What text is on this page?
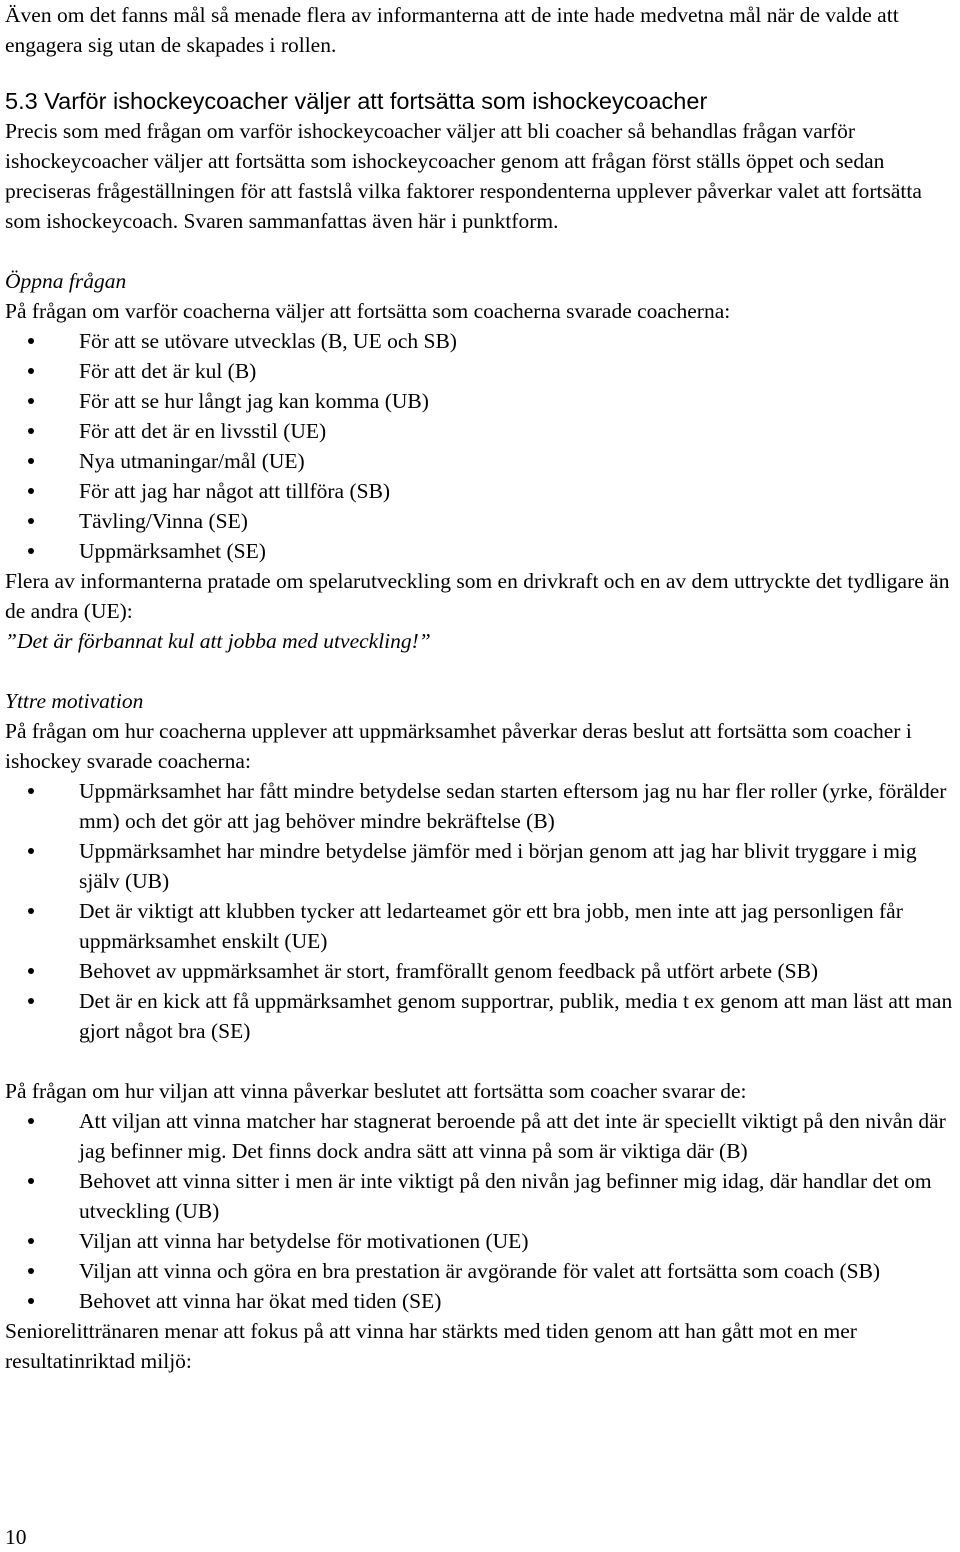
Även om det fanns mål så menade flera av informanterna att de inte hade medvetna mål när de valde att engagera sig utan de skapades i rollen.

5.3 Varför ishockeycoacher väljer att fortsätta som ishockeycoacher

Precis som med frågan om varför ishockeycoacher väljer att bli coacher så behandlas frågan varför ishockeycoacher väljer att fortsätta som ishockeycoacher genom att frågan först ställs öppet och sedan preciseras frågeställningen för att fastslå vilka faktorer respondenterna upplever påverkar valet att fortsätta som ishockeycoach. Svaren sammanfattas även här i punktform.

Öppna frågan

På frågan om varför coacherna väljer att fortsätta som coacherna svarade coacherna:

För att se utövare utvecklas (B, UE och SB)
För att det är kul (B)
För att se hur långt jag kan komma (UB)
För att det är en livsstil (UE)
Nya utmaningar/mål (UE)
För att jag har något att tillföra (SB)
Tävling/Vinna (SE)
Uppmärksamhet (SE)

Flera av informanterna pratade om spelarutveckling som en drivkraft och en av dem uttryckte det tydligare än de andra (UE):

”Det är förbannat kul att jobba med utveckling!”

Yttre motivation

På frågan om hur coacherna upplever att uppmärksamhet påverkar deras beslut att fortsätta som coacher i ishockey svarade coacherna:

Uppmärksamhet har fått mindre betydelse sedan starten eftersom jag nu har fler roller (yrke, förälder mm) och det gör att jag behöver mindre bekräftelse (B)
Uppmärksamhet har mindre betydelse jämför med i början genom att jag har blivit tryggare i mig själv (UB)
Det är viktigt att klubben tycker att ledarteamet gör ett bra jobb, men inte att jag personligen får uppmärksamhet enskilt (UE)
Behovet av uppmärksamhet är stort, framförallt genom feedback på utfört arbete (SB)
Det är en kick att få uppmärksamhet genom supportrar, publik, media t ex genom att man läst att man gjort något bra (SE)

På frågan om hur viljan att vinna påverkar beslutet att fortsätta som coacher svarar de:

Att viljan att vinna matcher har stagnerat beroende på att det inte är speciellt viktigt på den nivån där jag befinner mig. Det finns dock andra sätt att vinna på som är viktiga där (B)
Behovet att vinna sitter i men är inte viktigt på den nivån jag befinner mig idag, där handlar det om utveckling (UB)
Viljan att vinna har betydelse för motivationen (UE)
Viljan att vinna och göra en bra prestation är avgörande för valet att fortsätta som coach (SB)
Behovet att vinna har ökat med tiden (SE)

Seniorelittränaren menar att fokus på att vinna har stärkts med tiden genom att han gått mot en mer resultatinriktad miljö:

10
